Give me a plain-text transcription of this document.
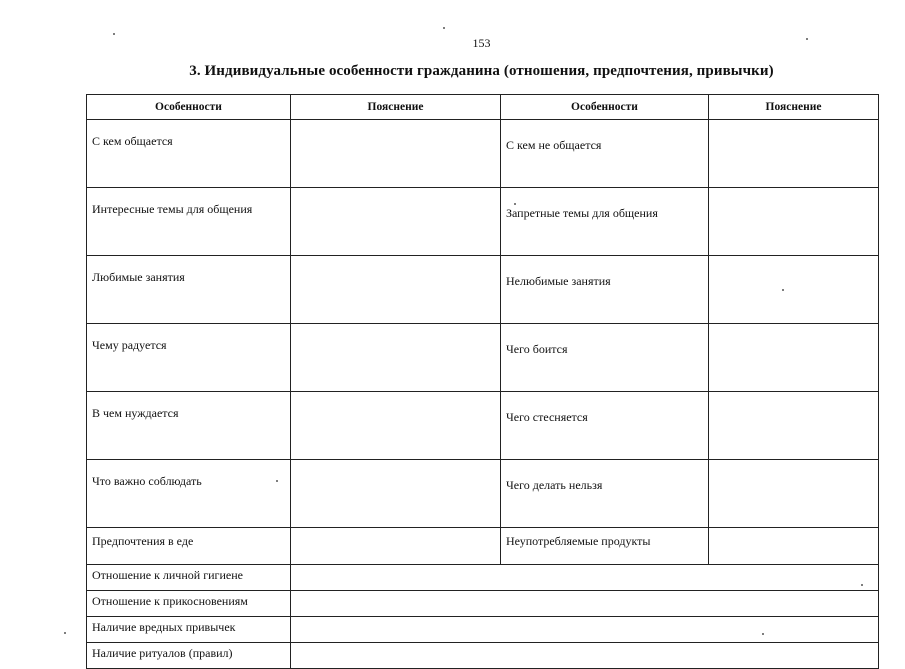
153
3. Индивидуальные особенности гражданина (отношения, предпочтения, привычки)
Особенности	Пояснение	Особенности	Пояснение
С кем общается		С кем не общается	
Интересные темы для общения		Запретные темы для общения	
Любимые занятия		Нелюбимые занятия	
Чему радуется		Чего боится	
В чем нуждается		Чего стесняется	
Что важно соблюдать		Чего делать нельзя	
Предпочтения в еде		Неупотребляемые продукты	
Отношение к личной гигиене			
Отношение к прикосновениям			
Наличие вредных привычек			
Наличие ритуалов (правил)			
